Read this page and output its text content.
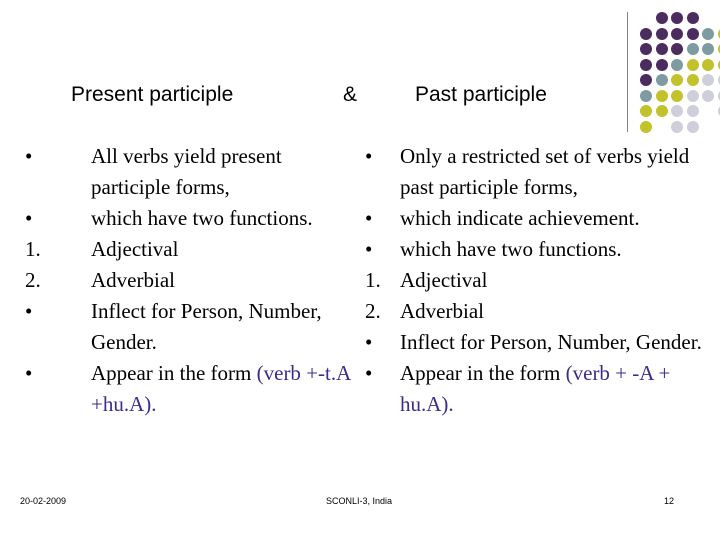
Present participle	&	Past participle
•	All verbs yield present participle forms,
•	which have two functions.
1. Adjectival
2. Adverbial
•	Inflect for Person, Number, Gender.
•	Appear in the form (verb +-t.A +hu.A).
• Only a restricted set of verbs yield past participle forms,
• which indicate achievement.
• which have two functions.
1. Adjectival
2. Adverbial
• Inflect for Person, Number, Gender.
• Appear in the form (verb + -A + hu.A).
20-02-2009	SCONLI-3, India	12
